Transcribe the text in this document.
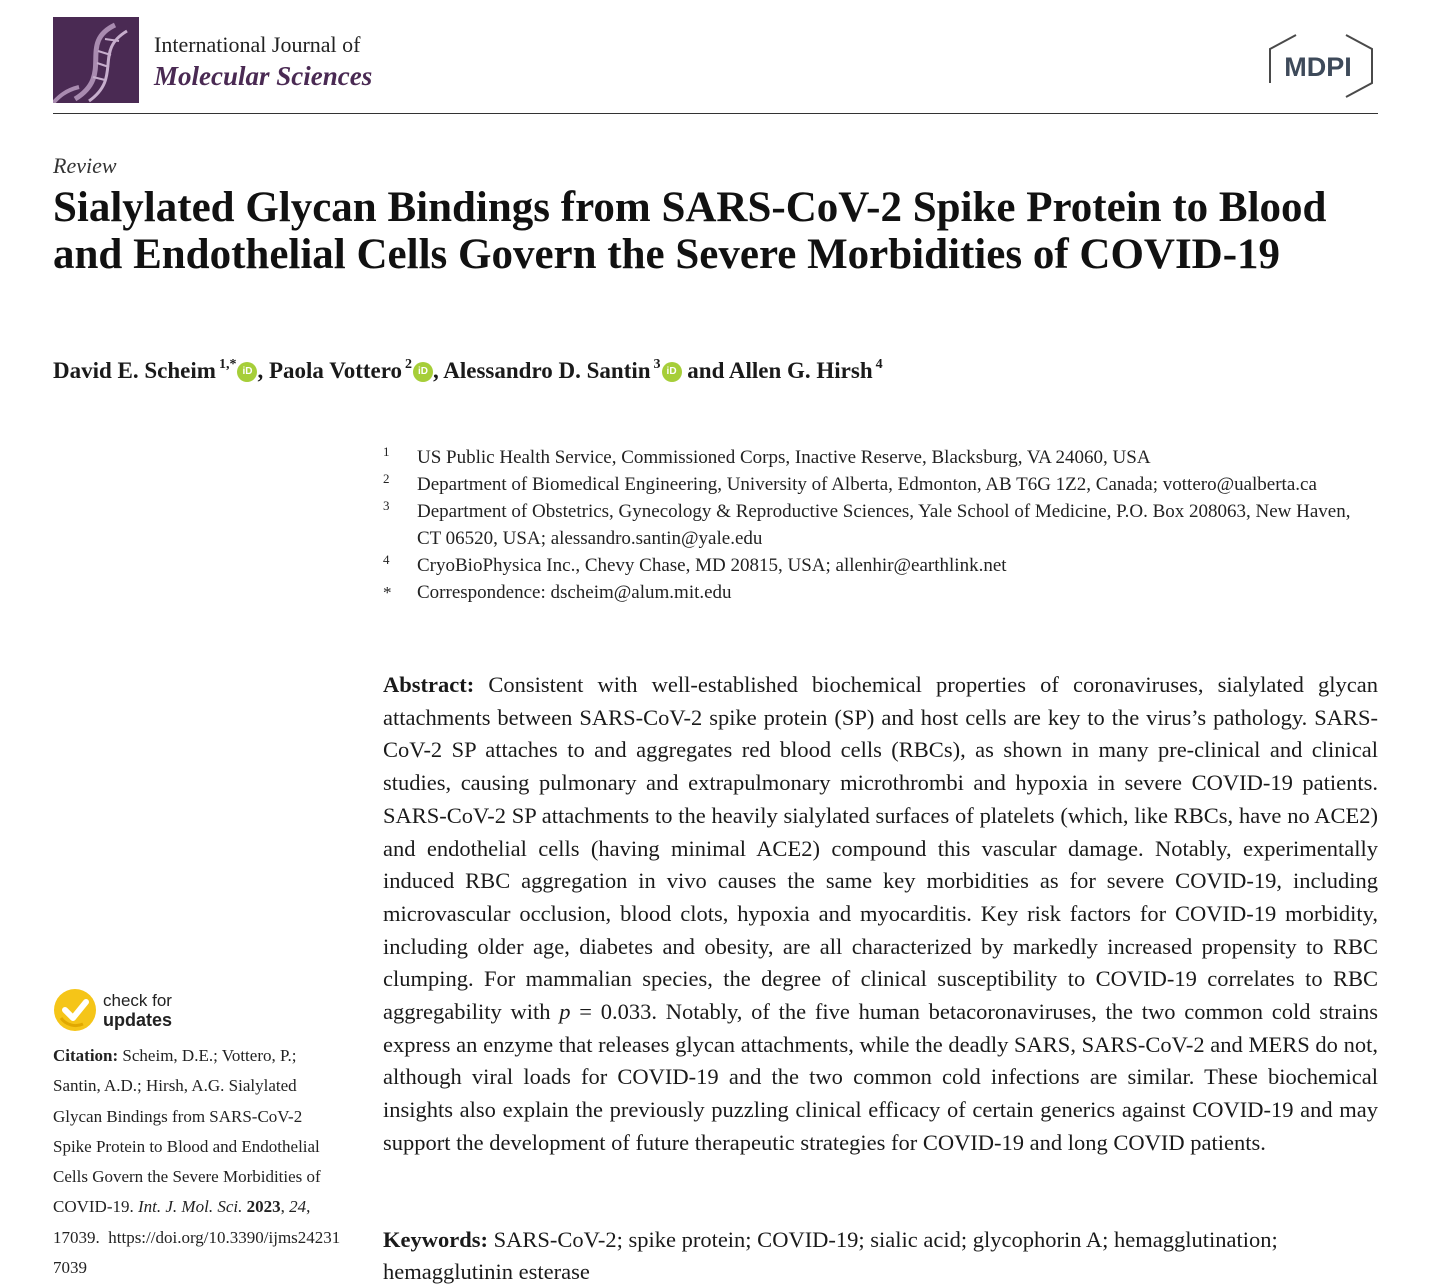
International Journal of
Molecular Sciences	MDPI
Review
Sialylated Glycan Bindings from SARS-CoV-2 Spike Protein to Blood and Endothelial Cells Govern the Severe Morbidities of COVID-19
David E. Scheim $^{1,*}$ iD , Paola Vottero $^2$ iD , Alessandro D. Santin $^3$ iD and Allen G. Hirsh $^4$
1 US Public Health Service, Commissioned Corps, Inactive Reserve, Blacksburg, VA 24060, USA
2 Department of Biomedical Engineering, University of Alberta, Edmonton, AB T6G 1Z2, Canada; vottero@ualberta.ca
3 Department of Obstetrics, Gynecology & Reproductive Sciences, Yale School of Medicine, P.O. Box 208063, New Haven, CT 06520, USA; alessandro.santin@yale.edu
4 CryoBioPhysica Inc., Chevy Chase, MD 20815, USA; allenhir@earthlink.net
* Correspondence: dscheim@alum.mit.edu

Abstract: Consistent with well-established biochemical properties of coronaviruses, sialylated glycan attachments between SARS-CoV-2 spike protein (SP) and host cells are key to the virus’s pathology. SARS-CoV-2 SP attaches to and aggregates red blood cells (RBCs), as shown in many pre-clinical and clinical studies, causing pulmonary and extrapulmonary microthrombi and hypoxia in severe COVID-19 patients. SARS-CoV-2 SP attachments to the heavily sialylated surfaces of platelets (which, like RBCs, have no ACE2) and endothelial cells (having minimal ACE2) compound this vascular damage. Notably, experimentally induced RBC aggregation in vivo causes the same key morbidities as for severe COVID-19, including microvascular occlusion, blood clots, hypoxia and myocarditis. Key risk factors for COVID-19 morbidity, including older age, diabetes and obesity, are all characterized by markedly increased propensity to RBC clumping. For mammalian species, the degree of clinical susceptibility to COVID-19 correlates to RBC aggregability with p = 0.033. Notably, of the five human betacoronaviruses, the two common cold strains express an enzyme that releases glycan attachments, while the deadly SARS, SARS-CoV-2 and MERS do not, although viral loads for COVID-19 and the two common cold infections are similar. These biochemical insights also explain the previously puzzling clinical efficacy of certain generics against COVID-19 and may support the development of future therapeutic strategies for COVID-19 and long COVID patients.

Keywords: SARS-CoV-2; spike protein; COVID-19; sialic acid; glycophorin A; hemagglutination; hemagglutinin esterase

check for
updates

Citation: Scheim, D.E.; Vottero, P.; Santin, A.D.; Hirsh, A.G. Sialylated Glycan Bindings from SARS-CoV-2 Spike Protein to Blood and Endothelial Cells Govern the Severe Morbidities of COVID-19. Int. J. Mol. Sci. 2023, 24, 17039. https://doi.org/10.3390/ijms242317039
